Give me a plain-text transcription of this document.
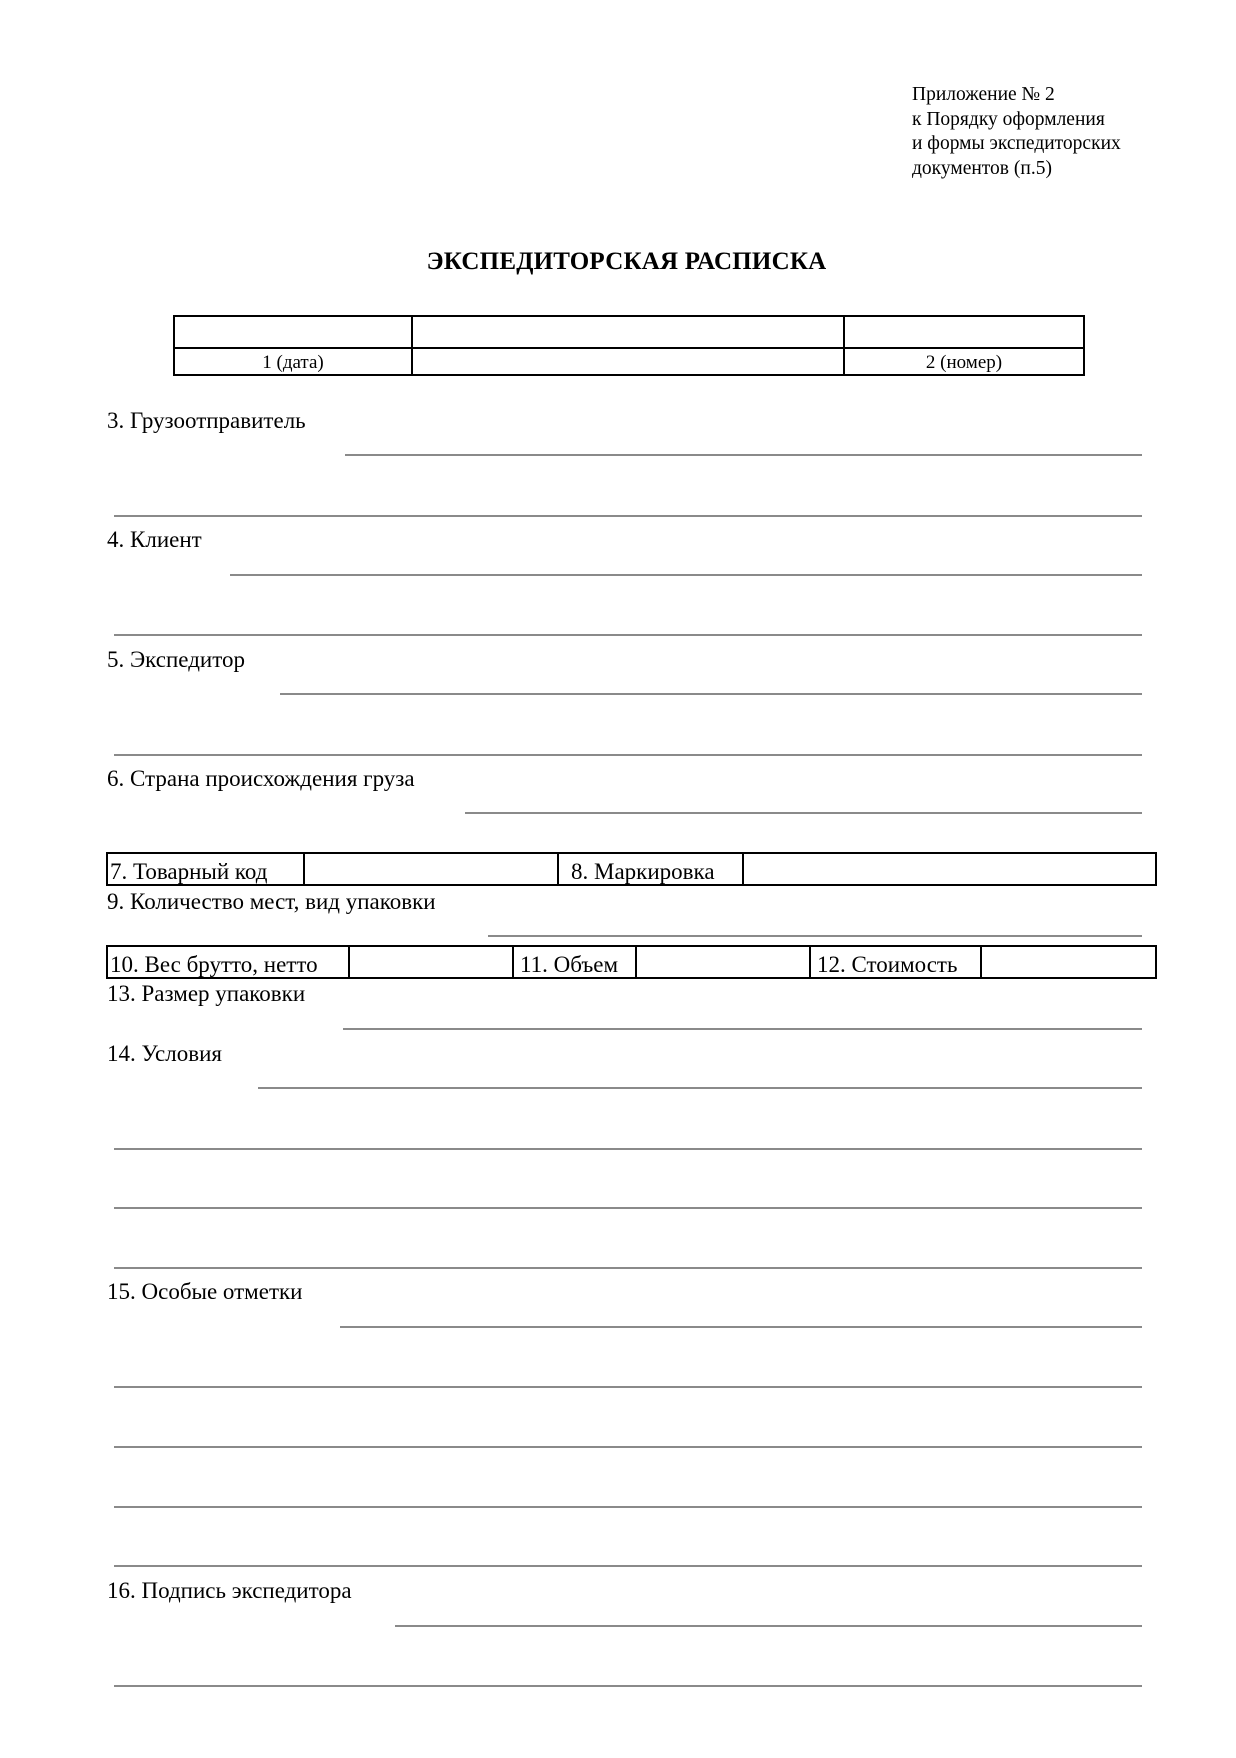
Приложение № 2
к Порядку оформления
и формы экспедиторских
документов (п.5)
ЭКСПЕДИТОРСКАЯ РАСПИСКА

1 (дата)		2 (номер)
3. Грузоотправитель
4. Клиент
5. Экспедитор
6. Страна происхождения груза
7. Товарный код		8. Маркировка	
9. Количество мест, вид упаковки
10. Вес брутто, нетто		11. Объем		12. Стоимость	
13. Размер упаковки
14. Условия
15. Особые отметки
16. Подпись экспедитора
